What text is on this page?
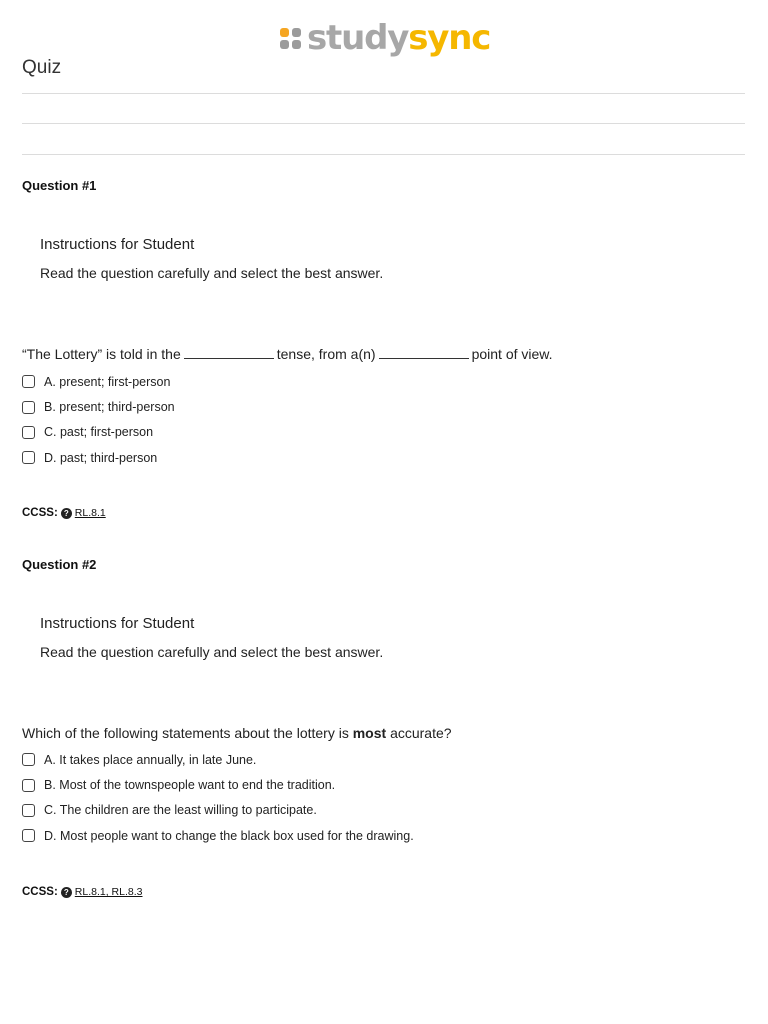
studysync
Quiz
Question #1
Instructions for Student
Read the question carefully and select the best answer.
“The Lottery” is told in the	tense, from a(n)	point of view.
A. present; first-person
B. present; third-person
C. past; first-person
D. past; third-person
CCSS: ? RL.8.1
Question #2
Instructions for Student
Read the question carefully and select the best answer.
Which of the following statements about the lottery is most accurate?
A. It takes place annually, in late June.
B. Most of the townspeople want to end the tradition.
C. The children are the least willing to participate.
D. Most people want to change the black box used for the drawing.
CCSS: ? RL.8.1, RL.8.3
